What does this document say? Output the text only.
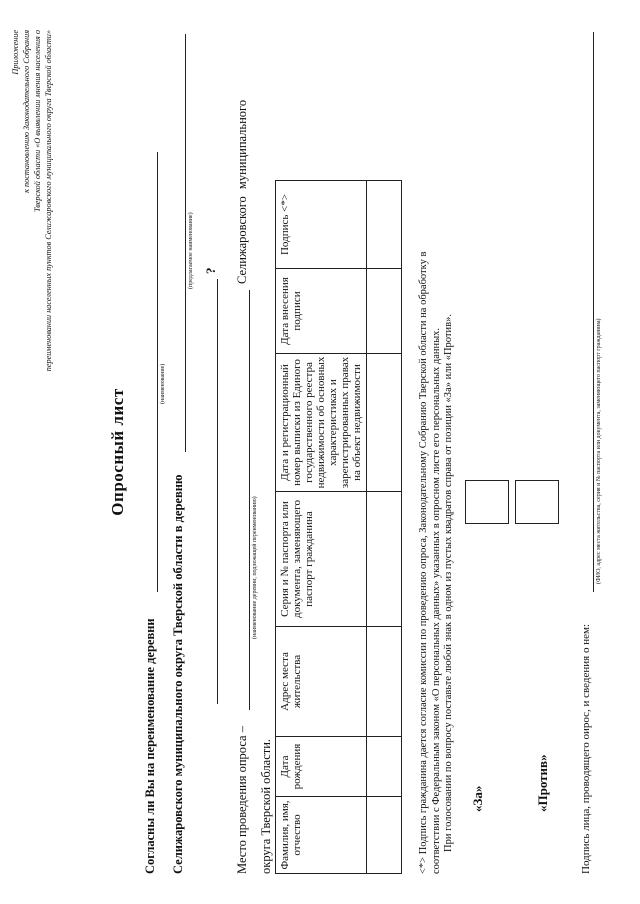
Приложение к постановлению Законодательного Собрания Тверской области «О выявлении мнения населения о переименовании населенных пунктов Селижаровского муниципального округа Тверской области»
Опросный лист
Согласны ли Вы на переименование деревни
(наименование)
Селижаровского муниципального округа Тверской области в деревню
(предлагаемое наименование) ?
Место проведения опроса –
(наименование деревни, подлежащей переименованию)
Селижаровского муниципального
округа Тверской области. Фамилия, имя, отчество	Дата рождения	Адрес места жительства	Серия и № паспорта или документа, заменяющего паспорт гражданина	Дата и регистрационный номер выписки из Единого государственного реестра недвижимости об основных характеристиках и зарегистрированных правах на объект недвижимости	Дата внесения подписи	Подпись <*>

<*> Подпись гражданина дается согласие комиссии по проведению опроса, Законодательному Собранию Тверской области на обработку в соответствии с Федеральным законом «О персональных данных» указанных в опросном листе его персональных данных. При голосовании по вопросу поставьте любой знак в одном из пустых квадратов справа от позиции «За» или «Против». «За»	«Против»	Подпись лица, проводящего оирос, и сведения о нем:
(ФИО, адрес места жительства, серия и № паспорта или документа, заменяющего паспорт гражданина)
